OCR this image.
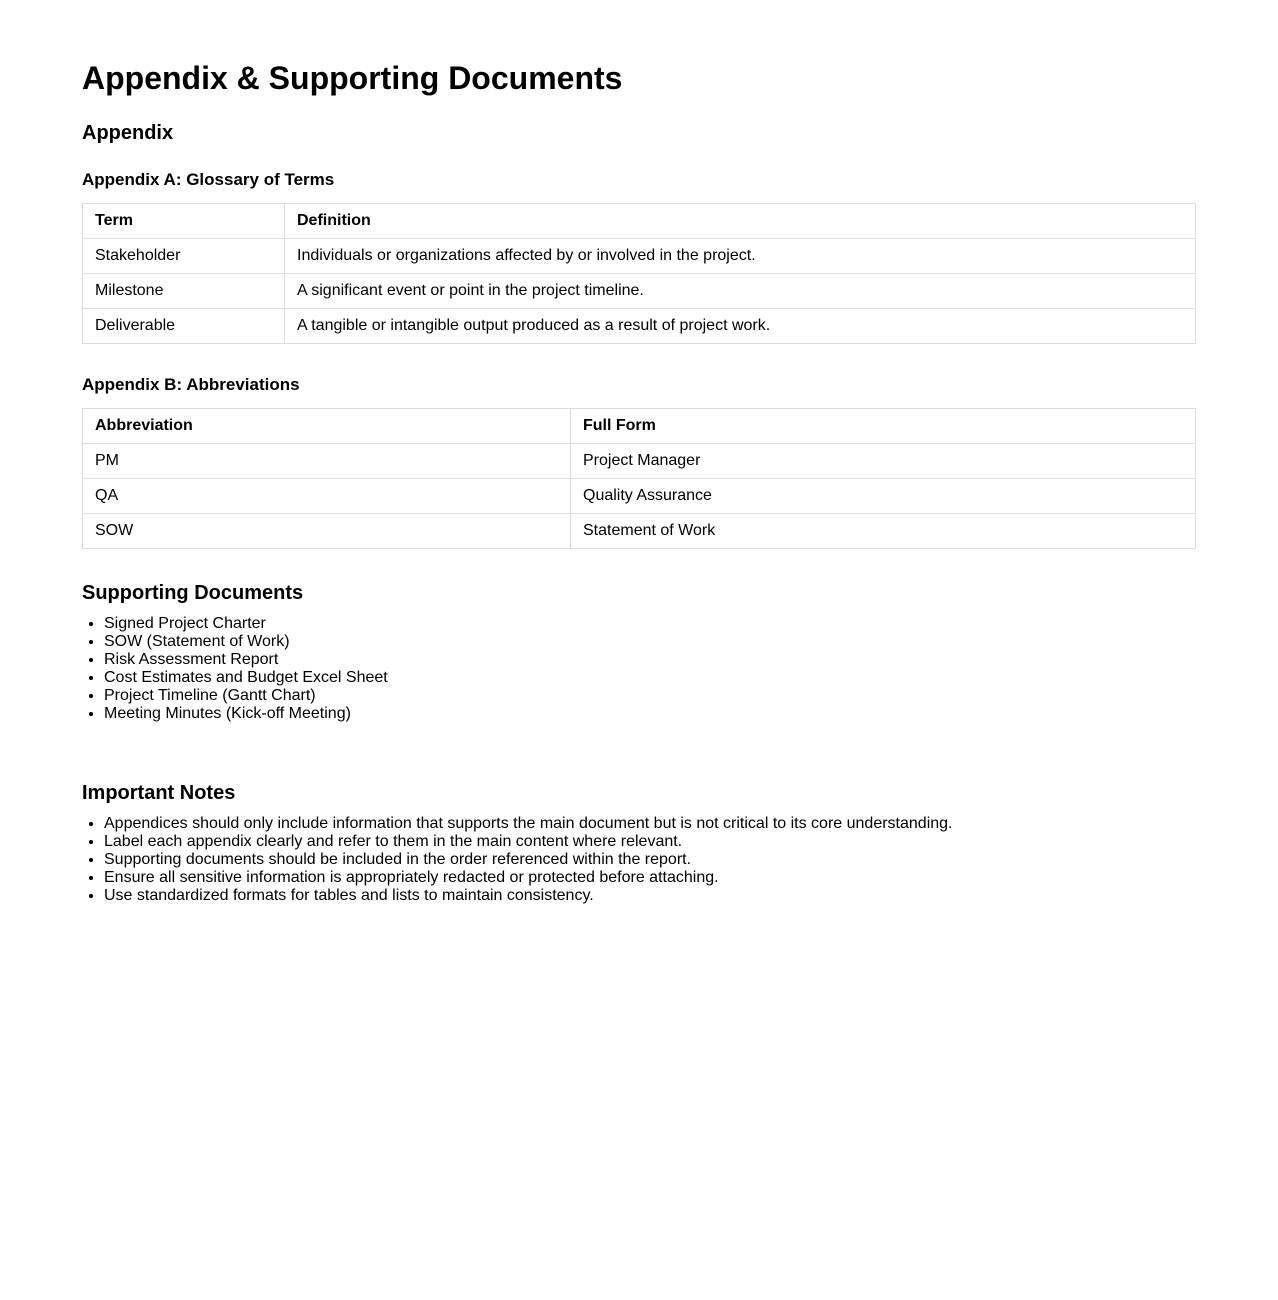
Appendix & Supporting Documents
Appendix
Appendix A: Glossary of Terms
Term	Definition
Stakeholder	Individuals or organizations affected by or involved in the project.
Milestone	A significant event or point in the project timeline.
Deliverable	A tangible or intangible output produced as a result of project work.
Appendix B: Abbreviations
Abbreviation	Full Form
PM	Project Manager
QA	Quality Assurance
SOW	Statement of Work
Supporting Documents
• Signed Project Charter
• SOW (Statement of Work)
• Risk Assessment Report
• Cost Estimates and Budget Excel Sheet
• Project Timeline (Gantt Chart)
• Meeting Minutes (Kick-off Meeting)
Important Notes
• Appendices should only include information that supports the main document but is not critical to its core understanding.
• Label each appendix clearly and refer to them in the main content where relevant.
• Supporting documents should be included in the order referenced within the report.
• Ensure all sensitive information is appropriately redacted or protected before attaching.
• Use standardized formats for tables and lists to maintain consistency.
